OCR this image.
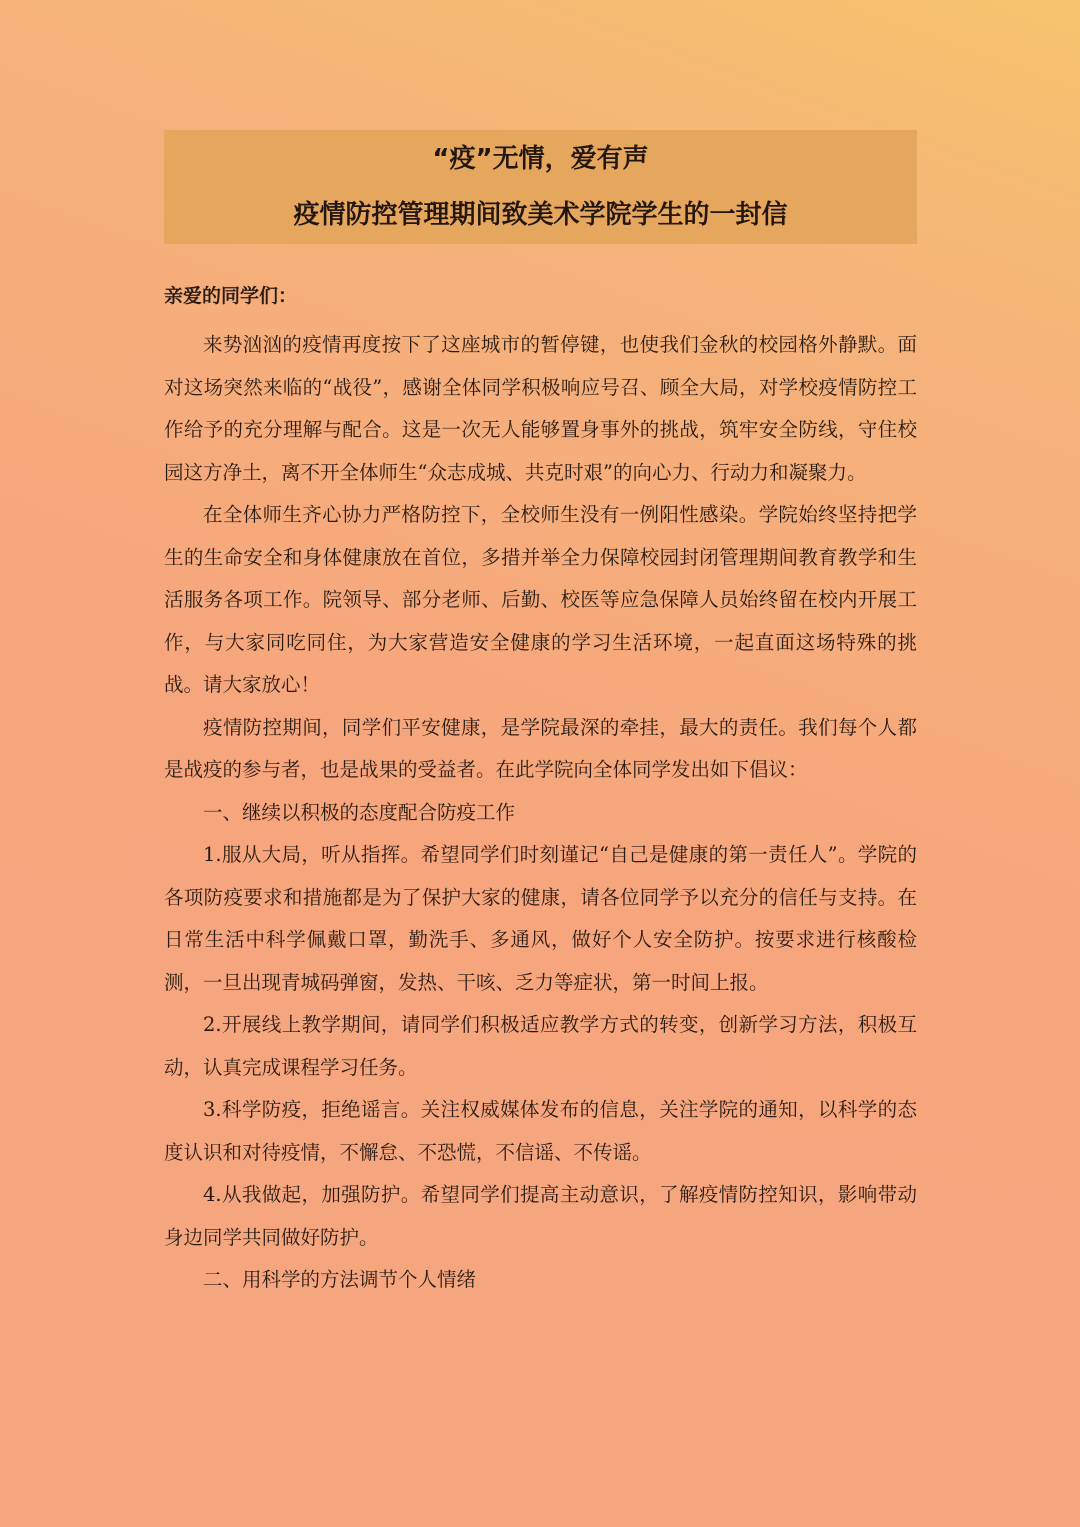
“疫”无情，爱有声
疫情防控管理期间致美术学院学生的一封信
亲爱的同学们：

来势汹汹的疫情再度按下了这座城市的暂停键，也使我们金秋的校园格外静默。面对这场突然来临的“战役”，感谢全体同学积极响应号召、顾全大局，对学校疫情防控工作给予的充分理解与配合。这是一次无人能够置身事外的挑战，筑牢安全防线，守住校园这方净土，离不开全体师生“众志成城、共克时艰”的向心力、行动力和凝聚力。

在全体师生齐心协力严格防控下，全校师生没有一例阳性感染。学院始终坚持把学生的生命安全和身体健康放在首位，多措并举全力保障校园封闭管理期间教育教学和生活服务各项工作。院领导、部分老师、后勤、校医等应急保障人员始终留在校内开展工作，与大家同吃同住，为大家营造安全健康的学习生活环境，一起直面这场特殊的挑战。请大家放心！

疫情防控期间，同学们平安健康，是学院最深的牵挂，最大的责任。我们每个人都是战疫的参与者，也是战果的受益者。在此学院向全体同学发出如下倡议：

一、继续以积极的态度配合防疫工作

1.服从大局，听从指挥。希望同学们时刻谨记“自己是健康的第一责任人”。学院的各项防疫要求和措施都是为了保护大家的健康，请各位同学予以充分的信任与支持。在日常生活中科学佩戴口罩，勤洗手、多通风，做好个人安全防护。按要求进行核酸检测，一旦出现青城码弹窗，发热、干咳、乏力等症状，第一时间上报。

2.开展线上教学期间，请同学们积极适应教学方式的转变，创新学习方法，积极互动，认真完成课程学习任务。

3.科学防疫，拒绝谣言。关注权威媒体发布的信息，关注学院的通知，以科学的态度认识和对待疫情，不懈怠、不恐慌，不信谣、不传谣。

4.从我做起，加强防护。希望同学们提高主动意识，了解疫情防控知识，影响带动身边同学共同做好防护。

二、用科学的方法调节个人情绪
